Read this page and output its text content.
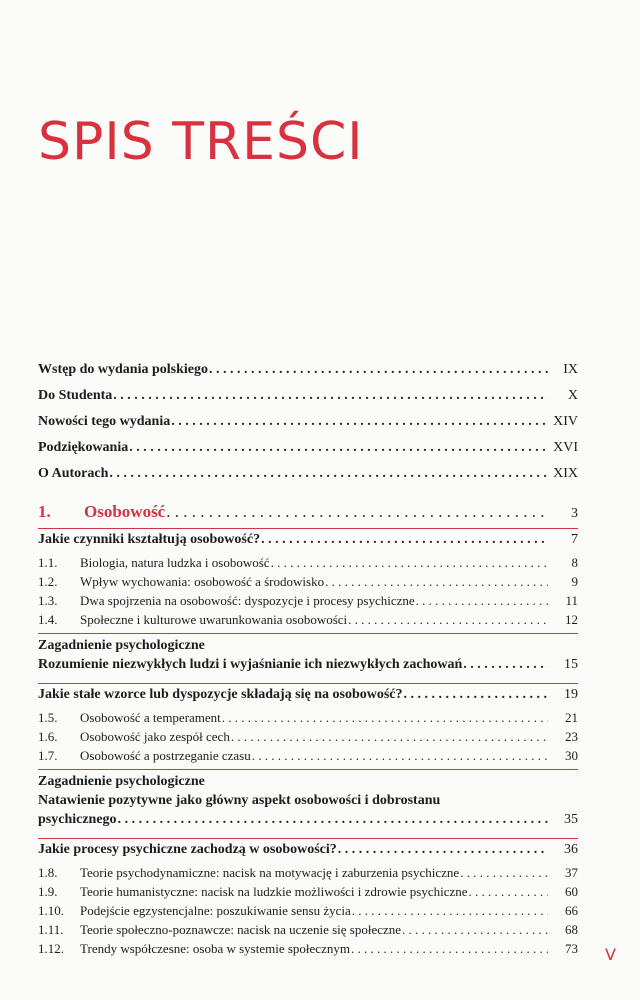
SPIS TREŚCI
Wstęp do wydania polskiego . . .	IX
Do Studenta . . .	X
Nowości tego wydania . . .	XIV
Podziękowania . . .	XVI
O Autorach . . .	XIX
1. Osobowość . . .	3
Jakie czynniki kształtują osobowość? . . .	7
1.1. Biologia, natura ludzka i osobowość . . .	8
1.2. Wpływ wychowania: osobowość a środowisko . . .	9
1.3. Dwa spojrzenia na osobowość: dyspozycje i procesy psychiczne . . .	11
1.4. Społeczne i kulturowe uwarunkowania osobowości . . .	12
Zagadnienie psychologiczne
Rozumienie niezwykłych ludzi i wyjaśnianie ich niezwykłych zachowań . . .	15
Jakie stałe wzorce lub dyspozycje składają się na osobowość? . . .	19
1.5. Osobowość a temperament . . .	21
1.6. Osobowość jako zespół cech . . .	23
1.7. Osobowość a postrzeganie czasu . . .	30
Zagadnienie psychologiczne
Natawienie pozytywne jako główny aspekt osobowości i dobrostanu
psychicznego . . .	35
Jakie procesy psychiczne zachodzą w osobowości? . . .	36
1.8. Teorie psychodynamiczne: nacisk na motywację i zaburzenia psychiczne . . .	37
1.9. Teorie humanistyczne: nacisk na ludzkie możliwości i zdrowie psychiczne . . .	60
1.10. Podejście egzystencjalne: poszukiwanie sensu życia . . .	66
1.11. Teorie społeczno-poznawcze: nacisk na uczenie się społeczne . . .	68
1.12. Trendy współczesne: osoba w systemie społecznym . . .	73 V
